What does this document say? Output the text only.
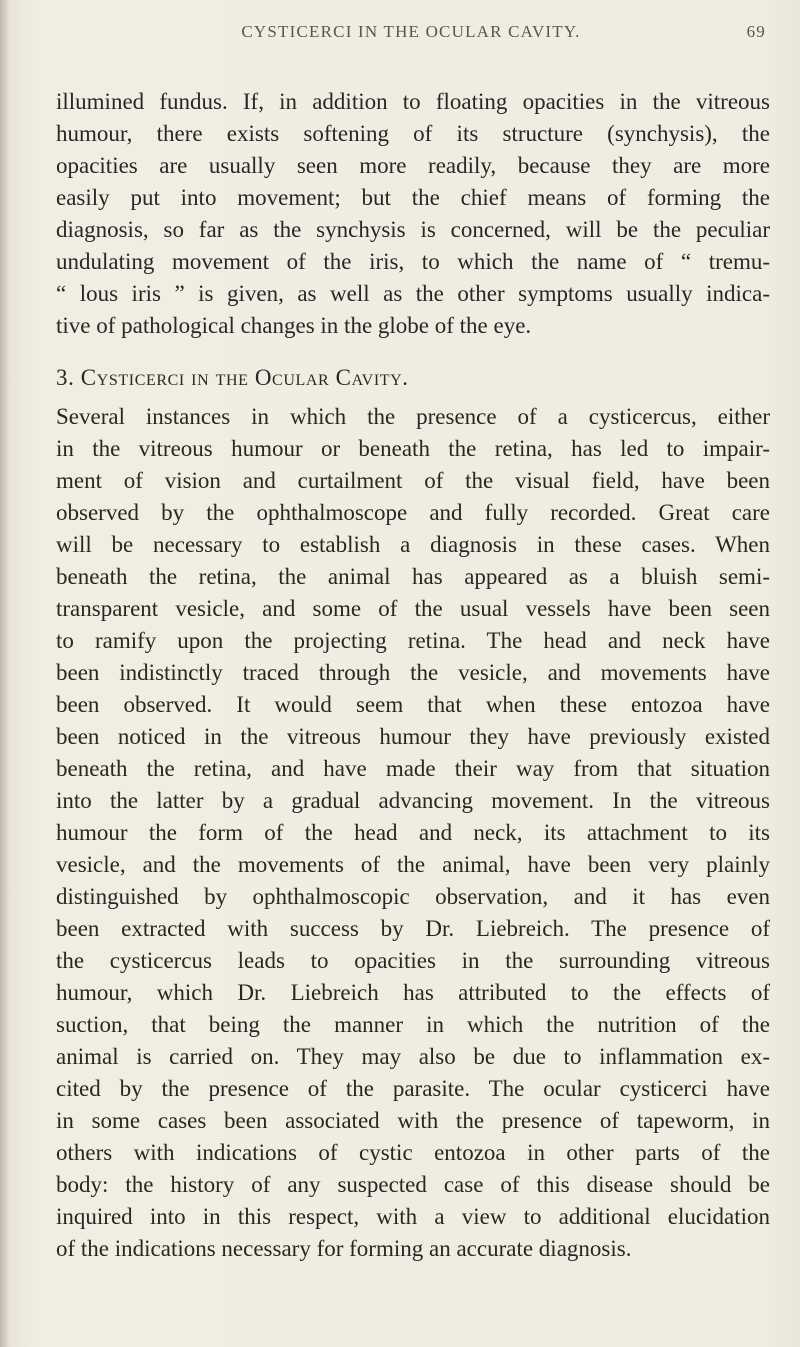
CYSTICERCI IN THE OCULAR CAVITY.	69
illumined fundus. If, in addition to floating opacities in the vitreous
humour, there exists softening of its structure (synchysis), the
opacities are usually seen more readily, because they are more
easily put into movement; but the chief means of forming the
diagnosis, so far as the synchysis is concerned, will be the peculiar
undulating movement of the iris, to which the name of “ tremu-
“ lous iris ” is given, as well as the other symptoms usually indica-
tive of pathological changes in the globe of the eye.
3. Cysticerci in the Ocular Cavity.
Several instances in which the presence of a cysticercus, either
in the vitreous humour or beneath the retina, has led to impair-
ment of vision and curtailment of the visual field, have been
observed by the ophthalmoscope and fully recorded. Great care
will be necessary to establish a diagnosis in these cases. When
beneath the retina, the animal has appeared as a bluish semi-
transparent vesicle, and some of the usual vessels have been seen
to ramify upon the projecting retina. The head and neck have
been indistinctly traced through the vesicle, and movements have
been observed. It would seem that when these entozoa have
been noticed in the vitreous humour they have previously existed
beneath the retina, and have made their way from that situation
into the latter by a gradual advancing movement. In the vitreous
humour the form of the head and neck, its attachment to its
vesicle, and the movements of the animal, have been very plainly
distinguished by ophthalmoscopic observation, and it has even
been extracted with success by Dr. Liebreich. The presence of
the cysticercus leads to opacities in the surrounding vitreous
humour, which Dr. Liebreich has attributed to the effects of
suction, that being the manner in which the nutrition of the
animal is carried on. They may also be due to inflammation ex-
cited by the presence of the parasite. The ocular cysticerci have
in some cases been associated with the presence of tapeworm, in
others with indications of cystic entozoa in other parts of the
body: the history of any suspected case of this disease should be
inquired into in this respect, with a view to additional elucidation
of the indications necessary for forming an accurate diagnosis.
